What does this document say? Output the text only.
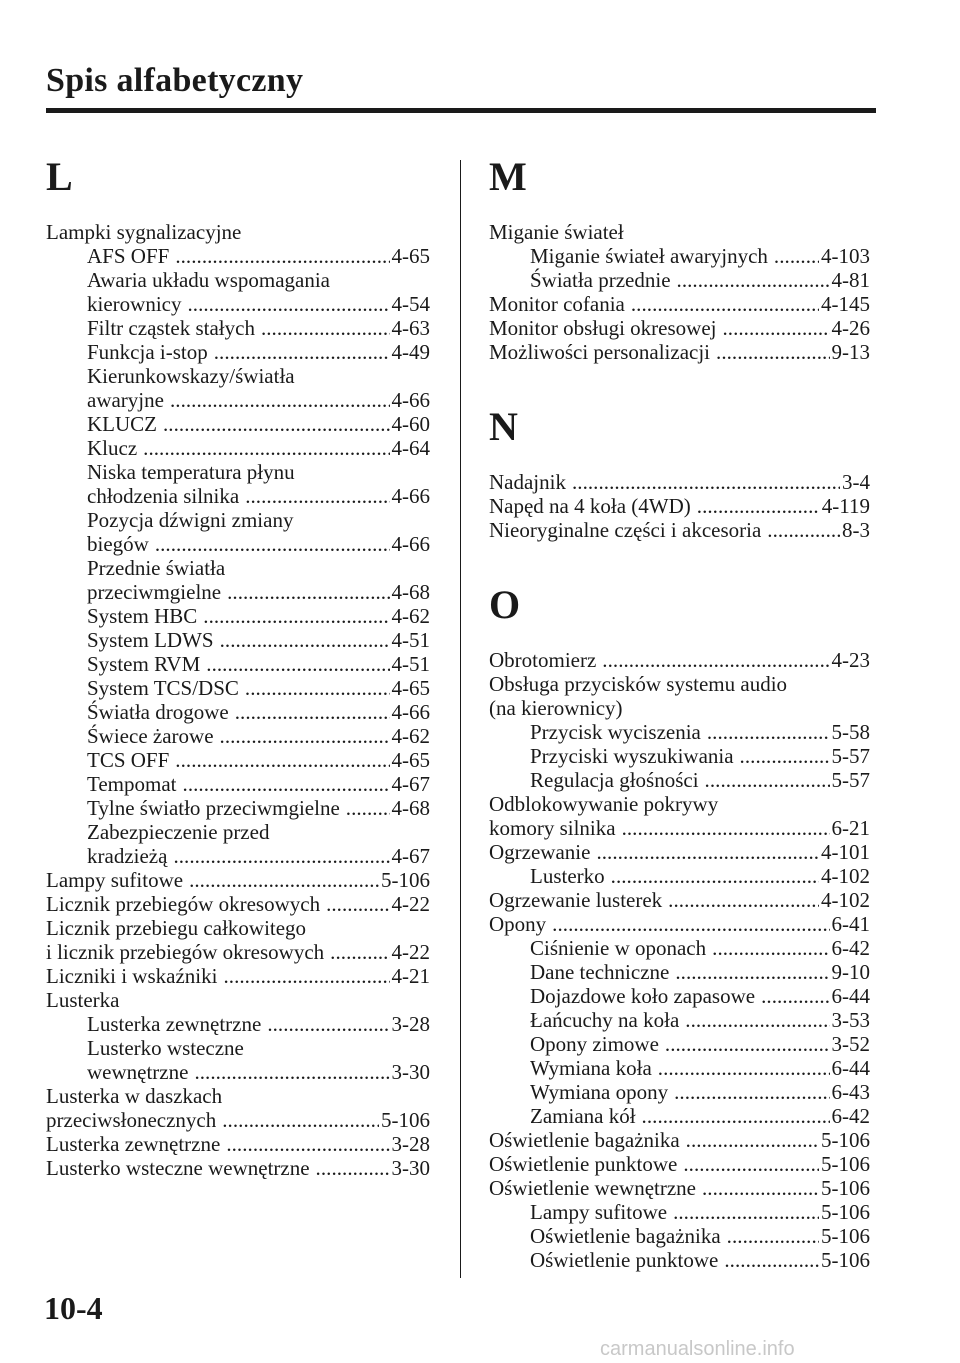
Spis alfabetyczny
L
Lampki sygnalizacyjne
AFS OFF . . .	4-65
Awaria układu wspomagania
kierownicy . . .	4-54
Filtr cząstek stałych . . .	4-63
Funkcja i-stop . . .	4-49
Kierunkowskazy/światła
awaryjne . . .	4-66
KLUCZ . . .	4-60
Klucz . . .	4-64
Niska temperatura płynu
chłodzenia silnika . . .	4-66
Pozycja dźwigni zmiany
biegów . . .	4-66
Przednie światła
przeciwmgielne . . .	4-68
System HBC . . .	4-62
System LDWS . . .	4-51
System RVM . . .	4-51
System TCS/DSC . . .	4-65
Światła drogowe . . .	4-66
Świece żarowe . . .	4-62
TCS OFF . . .	4-65
Tempomat . . .	4-67
Tylne światło przeciwmgielne . . . 4-68
Zabezpieczenie przed
kradzieżą . . .	4-67
Lampy sufitowe . . .	5-106
Licznik przebiegów okresowych . . .	4-22
Licznik przebiegu całkowitego
i licznik przebiegów okresowych . . .	4-22
Liczniki i wskaźniki . . .	4-21
Lusterka
Lusterka zewnętrzne . . .	3-28
Lusterko wsteczne
wewnętrzne . . .	3-30
Lusterka w daszkach
przeciwsłonecznych . . .	5-106
Lusterka zewnętrzne . . .	3-28
Lusterko wsteczne wewnętrzne . . .	3-30
M
Miganie świateł
Miganie świateł awaryjnych . . .	4-103
Światła przednie . . .	4-81
Monitor cofania . . .	4-145
Monitor obsługi okresowej . . .	4-26
Możliwości personalizacji . . .	9-13
N
Nadajnik . . .	3-4
Napęd na 4 koła (4WD) . . .	4-119
Nieoryginalne części i akcesoria . . .	8-3
O
Obrotomierz . . .	4-23
Obsługa przycisków systemu audio
(na kierownicy)
Przycisk wyciszenia . . .	5-58
Przyciski wyszukiwania . . .	5-57
Regulacja głośności . . .	5-57
Odblokowywanie pokrywy
komory silnika . . .	6-21
Ogrzewanie . . .	4-101
Lusterko . . .	4-102
Ogrzewanie lusterek . . .	4-102
Opony . . .	6-41
Ciśnienie w oponach . . .	6-42
Dane techniczne . . .	9-10
Dojazdowe koło zapasowe . . .	6-44
Łańcuchy na koła . . .	3-53
Opony zimowe . . .	3-52
Wymiana koła . . .	6-44
Wymiana opony . . .	6-43
Zamiana kół . . .	6-42
Oświetlenie bagażnika . . .	5-106
Oświetlenie punktowe . . .	5-106
Oświetlenie wewnętrzne . . .	5-106
Lampy sufitowe . . .	5-106
Oświetlenie bagażnika . . .	5-106
Oświetlenie punktowe . . .	5-106
10-4
carmanualsonline.info
